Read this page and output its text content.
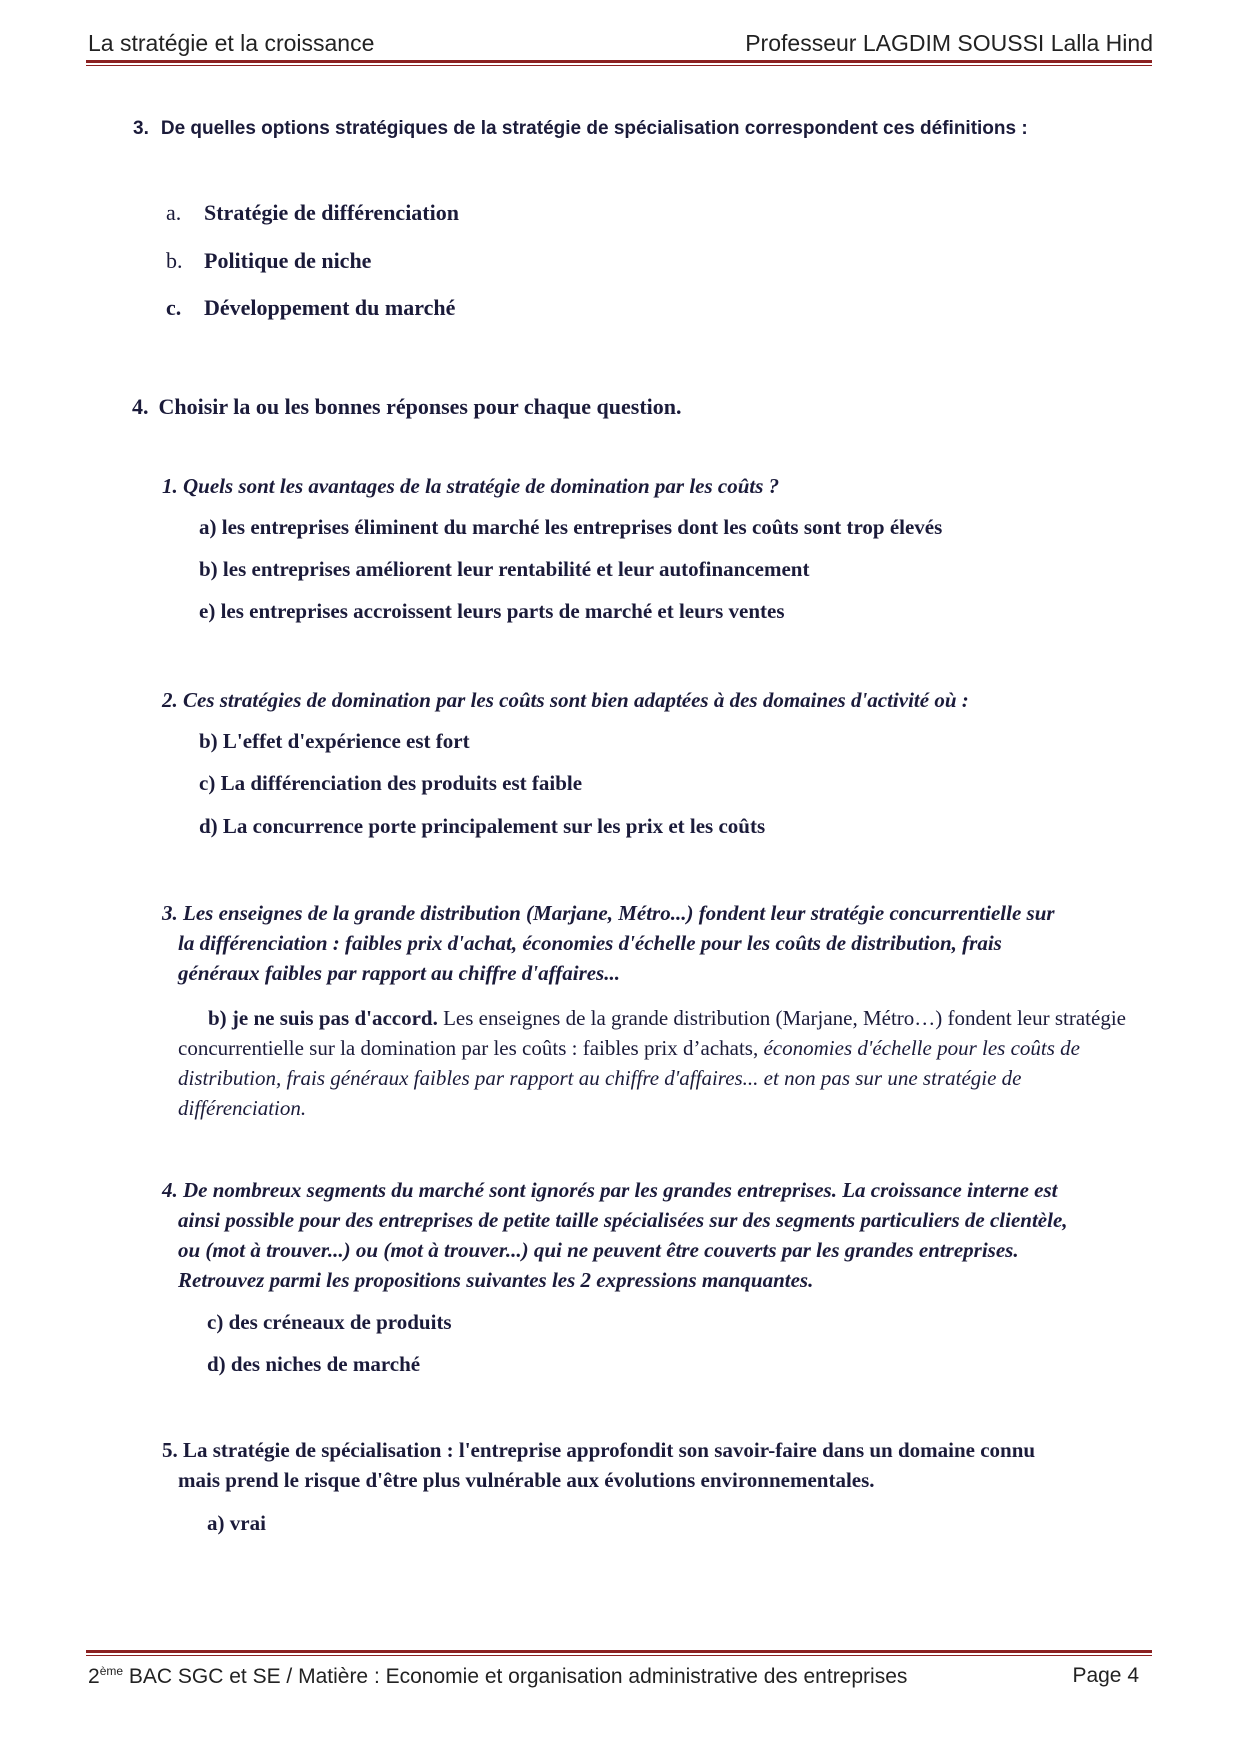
La stratégie et la croissance	Professeur LAGDIM SOUSSI Lalla Hind
3. De quelles options stratégiques de la stratégie de spécialisation correspondent ces définitions :
a. Stratégie de différenciation
b. Politique de niche
c. Développement du marché
4. Choisir la ou les bonnes réponses pour chaque question.
1. Quels sont les avantages de la stratégie de domination par les coûts ?
a) les entreprises éliminent du marché les entreprises dont les coûts sont trop élevés
b) les entreprises améliorent leur rentabilité et leur autofinancement
e) les entreprises accroissent leurs parts de marché et leurs ventes
2. Ces stratégies de domination par les coûts sont bien adaptées à des domaines d'activité où :
b) L'effet d'expérience est fort
c) La différenciation des produits est faible
d) La concurrence porte principalement sur les prix et les coûts
3. Les enseignes de la grande distribution (Marjane, Métro...) fondent leur stratégie concurrentielle sur
la différenciation : faibles prix d'achat, économies d'échelle pour les coûts de distribution, frais
généraux faibles par rapport au chiffre d'affaires...
b) je ne suis pas d'accord. Les enseignes de la grande distribution (Marjane, Métro…) fondent leur stratégie concurrentielle sur la domination par les coûts : faibles prix d’achats, économies d'échelle pour les coûts de distribution, frais généraux faibles par rapport au chiffre d'affaires... et non pas sur une stratégie de différenciation.
4. De nombreux segments du marché sont ignorés par les grandes entreprises. La croissance interne est
ainsi possible pour des entreprises de petite taille spécialisées sur des segments particuliers de clientèle,
ou (mot à trouver...) ou (mot à trouver...) qui ne peuvent être couverts par les grandes entreprises.
Retrouvez parmi les propositions suivantes les 2 expressions manquantes.
c) des créneaux de produits
d) des niches de marché
5. La stratégie de spécialisation : l'entreprise approfondit son savoir-faire dans un domaine connu
mais prend le risque d'être plus vulnérable aux évolutions environnementales.
a) vrai
2ème BAC SGC et SE / Matière : Economie et organisation administrative des entreprises	Page 4
